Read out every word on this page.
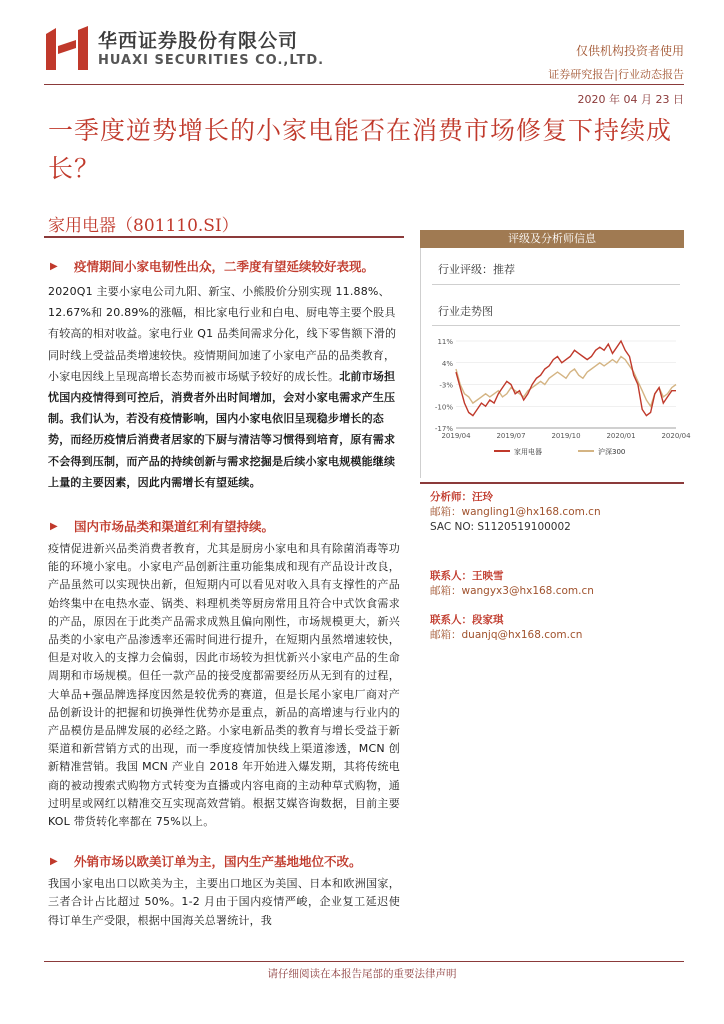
华西证券股份有限公司
HUAXI SECURITIES CO.,LTD.
仅供机构投资者使用
证券研究报告|行业动态报告
2020 年 04 月 23 日
一季度逆势增长的小家电能否在消费市场修复下持续成长？
家用电器（801110.SI）
▶	疫情期间小家电韧性出众，二季度有望延续较好表现。
2020Q1 主要小家电公司九阳、新宝、小熊股价分别实现 11.88%、12.67%和 20.89%的涨幅，相比家电行业和白电、厨电等主要个股具有较高的相对收益。家电行业 Q1 品类间需求分化，线下零售额下滑的同时线上受益品类增速较快。疫情期间加速了小家电产品的品类教育，小家电因线上呈现高增长态势而被市场赋予较好的成长性。北前市场担忧国内疫情得到可控后，消费者外出时间增加，会对小家电需求产生压制。我们认为，若没有疫情影响，国内小家电依旧呈现稳步增长的态势，而经历疫情后消费者居家的下厨与清洁等习惯得到培育，原有需求不会得到压制，而产品的持续创新与需求挖掘是后续小家电规模能继续上量的主要因素，因此内需增长有望延续。
▶	国内市场品类和渠道红利有望持续。
疫情促进新兴品类消费者教育，尤其是厨房小家电和具有除菌消毒等功能的环境小家电。小家电产品创新注重功能集成和现有产品设计改良，产品虽然可以实现快出新，但短期内可以看见对收入具有支撑性的产品始终集中在电热水壶、锅类、料理机类等厨房常用且符合中式饮食需求的产品，原因在于此类产品需求成熟且偏向刚性，市场规模更大，新兴品类的小家电产品渗透率还需时间进行提升，在短期内虽然增速较快，但是对收入的支撑力会偏弱，因此市场较为担忧新兴小家电产品的生命周期和市场规模。但任一款产品的接受度都需要经历从无到有的过程，大单品+强品牌选择度因然是较优秀的赛道，但是长尾小家电厂商对产品创新设计的把握和切换弹性优势亦是重点，新品的高增速与行业内的产品模仿是品牌发展的必经之路。小家电新品类的教育与增长受益于新渠道和新营销方式的出现，而一季度疫情加快线上渠道渗透，MCN 创新精准营销。我国 MCN 产业自 2018 年开始进入爆发期，其将传统电商的被动搜索式购物方式转变为直播或内容电商的主动种草式购物，通过明星或网红以精准交互实现高效营销。根据艾媒咨询数据，目前主要 KOL 带货转化率都在 75%以上。
▶	外销市场以欧美订单为主，国内生产基地地位不改。
我国小家电出口以欧美为主，主要出口地区为美国、日本和欧洲国家，三者合计占比超过 50%。1-2 月由于国内疫情严峻，企业复工延迟使得订单生产受限，根据中国海关总署统计，我
评级及分析师信息
行业评级：推荐
行业走势图
11%
4%
-3%
-10%
-17%
2019/04	2019/07	2019/10	2020/01	2020/04
家用电器	沪深300
分析师：汪玲
邮箱：wangling1@hx168.com.cn
SAC NO: S1120519100002
联系人：王映雪
邮箱：wangyx3@hx168.com.cn
联系人：段家琪
邮箱：duanjq@hx168.com.cn
请仔细阅读在本报告尾部的重要法律声明
